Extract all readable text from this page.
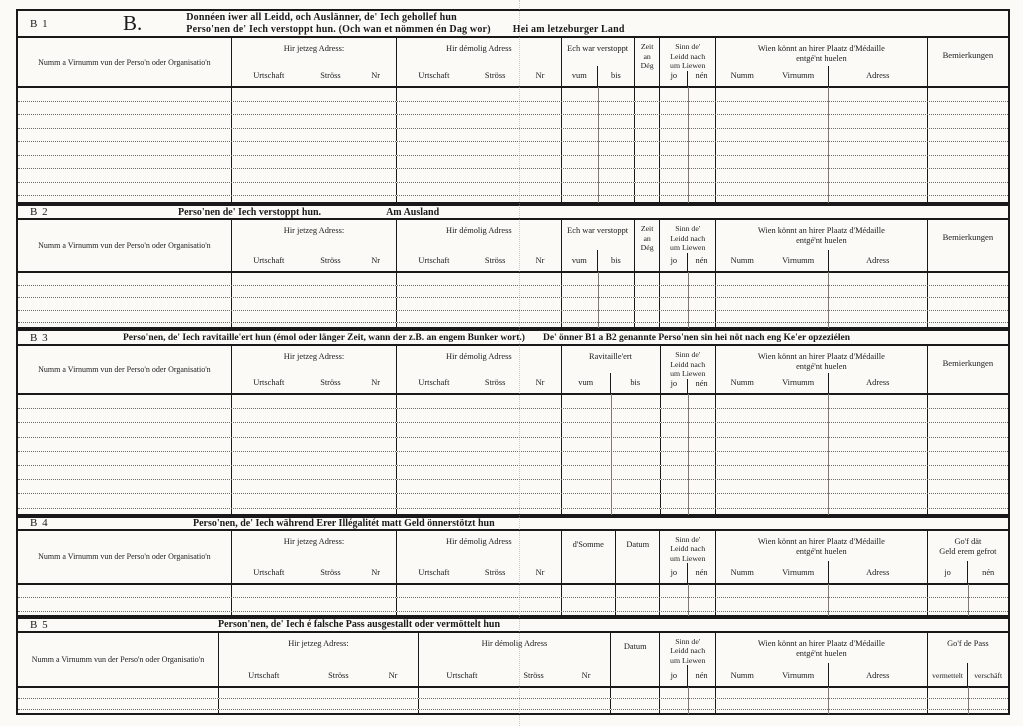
B 1	B.	Donnéen iwer all Leidd, och Auslänner, de' Iech gehollef hun
Perso'nen de' Iech verstoppt hun. (Och wan et nömmen én Dag wor) Hei am letzeburger Land
Numm a Virnumm vun der Perso'n oder Organisatio'n
Hir jetzeg Adress:
Urtschaft	Ströss	Nr
Hir démolig Adress
Urtschaft	Ströss	Nr
Ech war verstoppt
vum	bis
Zeit
an
Dég
Sinn de'
Leidd nach
um Liewen
jo	nén
Wien könnt an hirer Plaatz d'Médaille
entgé'nt huelen
Numm	Virnumm	Adress
Bemierkungen
B 2	Perso'nen de' Iech verstoppt hun.	Am Ausland
Numm a Virnumm vun der Perso'n oder Organisatio'n
Hir jetzeg Adress:
Urtschaft	Ströss	Nr
Hir démolig Adress
Urtschaft	Ströss	Nr
Ech war verstoppt
vum	bis
Zeit
an
Dég
Sinn de'
Leidd nach
um Liewen
jo	nén
Wien könnt an hirer Plaatz d'Médaille
entgé'nt huelen
Numm	Virnumm	Adress
Bemierkungen
B 3	Perso'nen, de' Iech ravitaille'ert hun (émol oder länger Zeit, wann der z.B. an engem Bunker wort.) De' önner B1 a B2 genannte Perso'nen sin hei nöt nach eng Ke'er opzeziélen
Numm a Virnumm vun der Perso'n oder Organisatio'n
Hir jetzeg Adress:
Urtschaft	Ströss	Nr
Hir démolig Adress
Urtschaft	Ströss	Nr
Ravitaille'ert
vum	bis
Sinn de'
Leidd nach
um Liewen
jo	nén
Wien könnt an hirer Plaatz d'Médaille
entgé'nt huelen
Numm	Virnumm	Adress
Bemierkungen
B 4	Perso'nen, de' Iech während Erer Illégalitét matt Geld önnerstötzt hun
Numm a Virnumm vun der Perso'n oder Organisatio'n
Hir jetzeg Adress:
Urtschaft	Ströss	Nr
Hir démolig Adress
Urtschaft	Ströss	Nr
d'Somme	Datum
Sinn de'
Leidd nach
um Liewen
jo	nén
Wien könnt an hirer Plaatz d'Médaille
entgé'nt huelen
Numm	Virnumm	Adress
Go'f dät
Geld erem gefrot
jo	nén
B 5	Person'nen, de' Iech é falsche Pass ausgestallt oder vermöttelt hun
Numm a Virnumm vun der Perso'n oder Organisatio'n
Hir jetzeg Adress:
Urtschaft	Ströss	Nr
Hir démolig Adress
Urtschaft	Ströss	Nr
Datum
Sinn de'
Leidd nach
um Liewen
jo	nén
Wien könnt an hirer Plaatz d'Médaille
entgé'nt huelen
Numm	Virnumm	Adress
Go'f de Pass
vermettelt	verschäft
